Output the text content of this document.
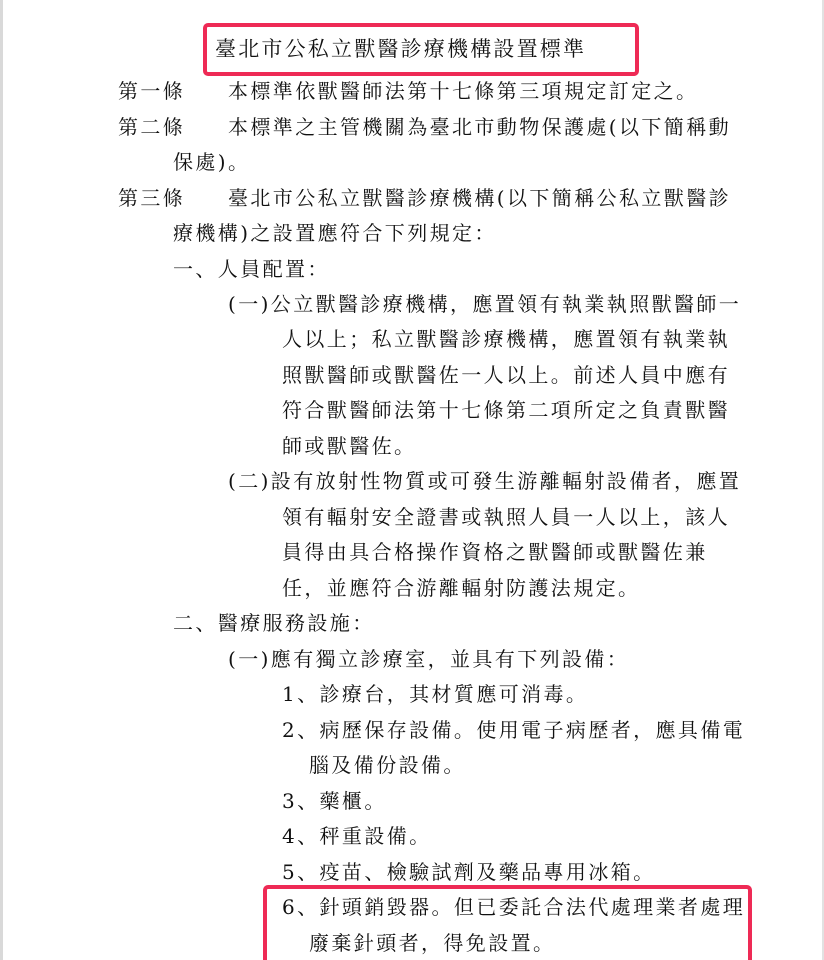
臺北市公私立獸醫診療機構設置標準
第一條 本標準依獸醫師法第十七條第三項規定訂定之。
第二條 本標準之主管機關為臺北市動物保護處(以下簡稱動
保處)。
第三條 臺北市公私立獸醫診療機構(以下簡稱公私立獸醫診
療機構)之設置應符合下列規定：
一、人員配置：
(一)公立獸醫診療機構，應置領有執業執照獸醫師一
人以上；私立獸醫診療機構，應置領有執業執
照獸醫師或獸醫佐一人以上。前述人員中應有
符合獸醫師法第十七條第二項所定之負責獸醫
師或獸醫佐。
(二)設有放射性物質或可發生游離輻射設備者，應置
領有輻射安全證書或執照人員一人以上，該人
員得由具合格操作資格之獸醫師或獸醫佐兼
任，並應符合游離輻射防護法規定。
二、醫療服務設施：
(一)應有獨立診療室，並具有下列設備：
1、診療台，其材質應可消毒。
2、病歷保存設備。使用電子病歷者，應具備電
腦及備份設備。
3、藥櫃。
4、秤重設備。
5、疫苗、檢驗試劑及藥品專用冰箱。
6、針頭銷毀器。但已委託合法代處理業者處理
廢棄針頭者，得免設置。
